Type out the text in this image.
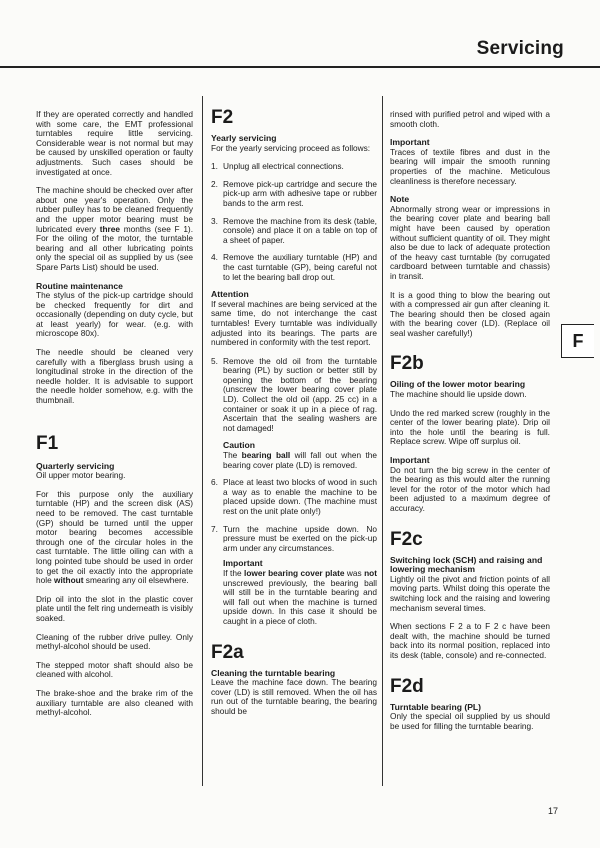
Servicing

If they are operated correctly and handled with some care, the EMT professional turntables require little servicing. Considerable wear is not normal but may be caused by unskilled operation or faulty adjustments. Such cases should be investigated at once.

The machine should be checked over after about one year's operation. Only the rubber pulley has to be cleaned frequently and the upper motor bearing must be lubricated every three months (see F 1). For the oiling of the motor, the turntable bearing and all other lubricating points only the special oil as supplied by us (see Spare Parts List) should be used.

Routine maintenance

The stylus of the pick-up cartridge should be checked frequently for dirt and occasionally (depending on duty cycle, but at least yearly) for wear. (e.g. with microscope 80x).

The needle should be cleaned very carefully with a fiberglass brush using a longitudinal stroke in the direction of the needle holder. It is advisable to support the needle holder somehow, e.g. with the thumbnail.

F1
Quarterly servicing

Oil upper motor bearing.

For this purpose only the auxiliary turntable (HP) and the screen disk (AS) need to be removed. The cast turntable (GP) should be turned until the upper motor bearing becomes accessible through one of the circular holes in the cast turntable. The little oiling can with a long pointed tube should be used in order to get the oil exactly into the appropriate hole without smearing any oil elsewhere.

Drip oil into the slot in the plastic cover plate until the felt ring underneath is visibly soaked.

Cleaning of the rubber drive pulley. Only methyl-alcohol should be used.

The stepped motor shaft should also be cleaned with alcohol.

The brake-shoe and the brake rim of the auxiliary turntable are also cleaned with methyl-alcohol.

F2
Yearly servicing

For the yearly servicing proceed as follows:

1. Unplug all electrical connections.
2. Remove pick-up cartridge and secure the pick-up arm with adhesive tape or rubber bands to the arm rest.
3. Remove the machine from its desk (table, console) and place it on a table on top of a sheet of paper.
4. Remove the auxiliary turntable (HP) and the cast turntable (GP), being careful not to let the bearing ball drop out.
Attention

If several machines are being serviced at the same time, do not interchange the cast turntables! Every turntable was individually adjusted into its bearings. The parts are numbered in conformity with the test report.

5. Remove the old oil from the turntable bearing (PL) by suction or better still by opening the bottom of the bearing (unscrew the lower bearing cover plate LD). Collect the old oil (app. 25 cc) in a container or soak it up in a piece of rag. Ascertain that the sealing washers are not damaged!
Caution
The bearing ball will fall out when the bearing cover plate (LD) is removed.
6. Place at least two blocks of wood in such a way as to enable the machine to be placed upside down. (The machine must rest on the unit plate only!)
7. Turn the machine upside down. No pressure must be exerted on the pick-up arm under any circumstances.
Important
If the lower bearing cover plate was not unscrewed previously, the bearing ball will still be in the turntable bearing and will fall out when the machine is turned upside down. In this case it should be caught in a piece of cloth.
F2a
Cleaning the turntable bearing

Leave the machine face down. The bearing cover (LD) is still removed. When the oil has run out of the turntable bearing, the bearing should be

rinsed with purified petrol and wiped with a smooth cloth.

Important

Traces of textile fibres and dust in the bearing will impair the smooth running properties of the machine. Meticulous cleanliness is therefore necessary.

Note

Abnormally strong wear or impressions in the bearing cover plate and bearing ball might have been caused by operation without sufficient quantity of oil. They might also be due to lack of adequate protection of the heavy cast turntable (by corrugated cardboard between turntable and chassis) in transit.

It is a good thing to blow the bearing out with a compressed air gun after cleaning it. The bearing should then be closed again with the bearing cover (LD). (Replace oil seal washer carefully!)

F2b
Oiling of the lower motor bearing

The machine should lie upside down.

Undo the red marked screw (roughly in the center of the lower bearing plate). Drip oil into the hole until the bearing is full. Replace screw. Wipe off surplus oil.

Important

Do not turn the big screw in the center of the bearing as this would alter the running level for the rotor of the motor which had been adjusted to a maximum degree of accuracy.

F2c
Switching lock (SCH) and raising and lowering mechanism

Lightly oil the pivot and friction points of all moving parts. Whilst doing this operate the switching lock and the raising and lowering mechanism several times.

When sections F 2 a to F 2 c have been dealt with, the machine should be turned back into its normal position, replaced into its desk (table, console) and re-connected.

F2d
Turntable bearing (PL)

Only the special oil supplied by us should be used for filling the turntable bearing.

F
17
